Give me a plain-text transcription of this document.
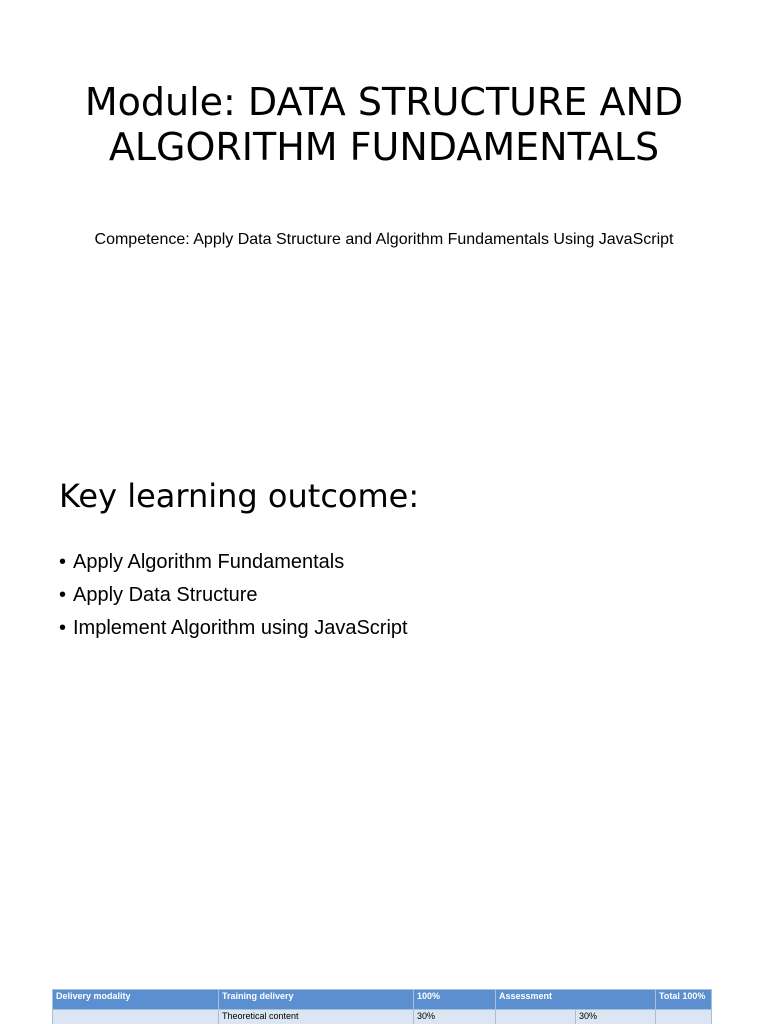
Module: DATA STRUCTURE AND ALGORITHM FUNDAMENTALS
Competence: Apply Data Structure and Algorithm Fundamentals Using JavaScript
Key learning outcome:
• Apply Algorithm Fundamentals
• Apply Data Structure
• Implement Algorithm using JavaScript
Delivery modality	Training delivery	100%	Assessment		Total 100%
	Theoretical content	30%		30%	
